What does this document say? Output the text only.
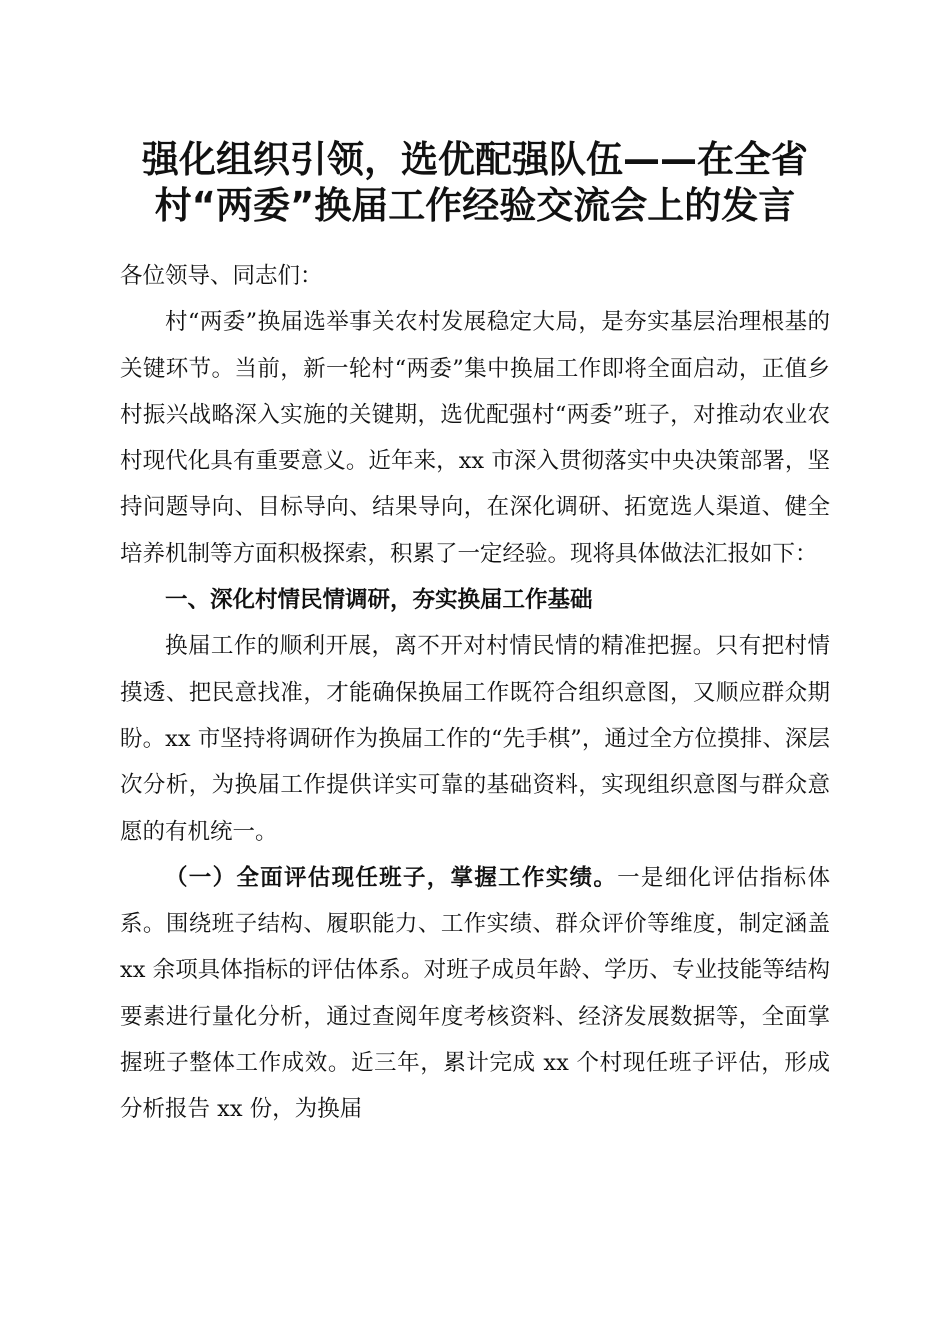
强化组织引领，选优配强队伍——在全省
村“两委”换届工作经验交流会上的发言

各位领导、同志们：

村“两委”换届选举事关农村发展稳定大局，是夯实基层治理根基的关键环节。当前，新一轮村“两委”集中换届工作即将全面启动，正值乡村振兴战略深入实施的关键期，选优配强村“两委”班子，对推动农业农村现代化具有重要意义。近年来，xx 市深入贯彻落实中央决策部署，坚持问题导向、目标导向、结果导向，在深化调研、拓宽选人渠道、健全培养机制等方面积极探索，积累了一定经验。现将具体做法汇报如下：

一、深化村情民情调研，夯实换届工作基础

换届工作的顺利开展，离不开对村情民情的精准把握。只有把村情摸透、把民意找准，才能确保换届工作既符合组织意图，又顺应群众期盼。xx 市坚持将调研作为换届工作的“先手棋”，通过全方位摸排、深层次分析，为换届工作提供详实可靠的基础资料，实现组织意图与群众意愿的有机统一。

（一）全面评估现任班子，掌握工作实绩。一是细化评估指标体系。围绕班子结构、履职能力、工作实绩、群众评价等维度，制定涵盖 xx 余项具体指标的评估体系。对班子成员年龄、学历、专业技能等结构要素进行量化分析，通过查阅年度考核资料、经济发展数据等，全面掌握班子整体工作成效。近三年，累计完成 xx 个村现任班子评估，形成分析报告 xx 份，为换届
